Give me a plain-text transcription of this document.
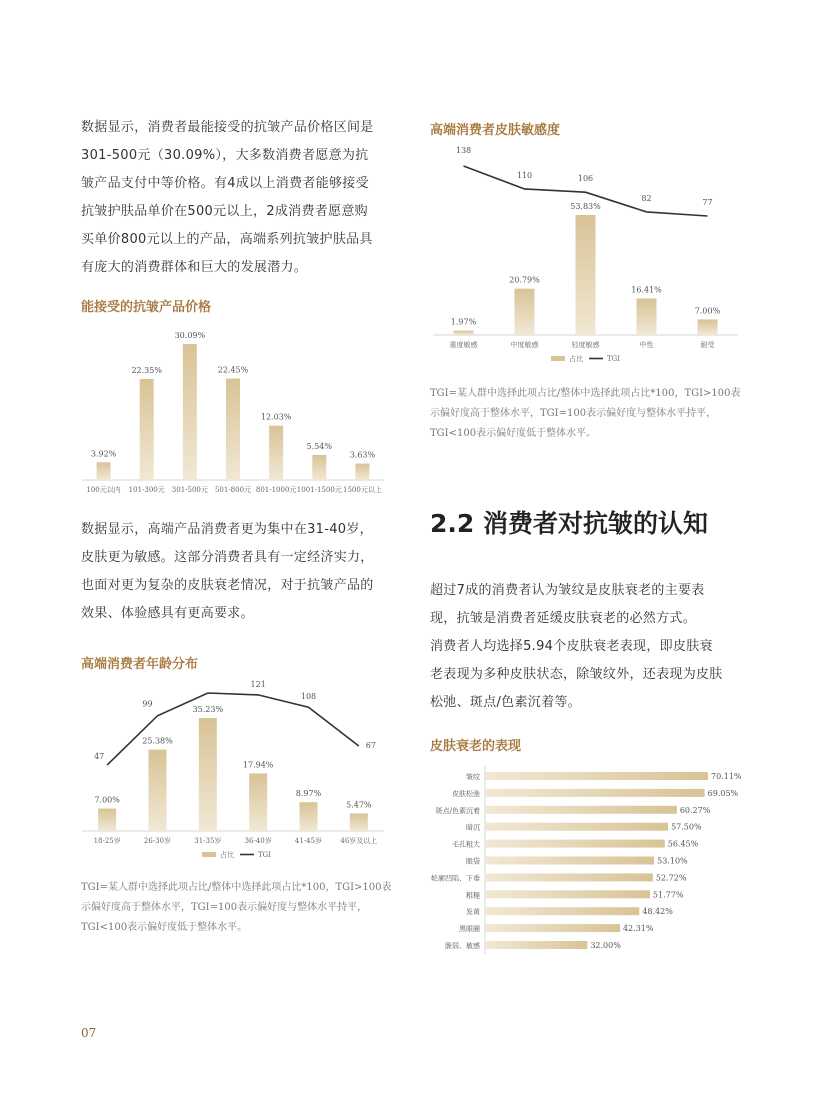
数据显示，消费者最能接受的抗皱产品价格区间是
301-500元（30.09%），大多数消费者愿意为抗
皱产品支付中等价格。有4成以上消费者能够接受
抗皱护肤品单价在500元以上，2成消费者愿意购
买单价800元以上的产品，高端系列抗皱护肤品具
有庞大的消费群体和巨大的发展潜力。
能接受的抗皱产品价格
3.92%
100元以内
22.35%
101-300元
30.09%
301-500元
22.45%
501-800元
12.03%
801-1000元
5.54%
1001-1500元
3.63%
1500元以上
数据显示，高端产品消费者更为集中在31-40岁，
皮肤更为敏感。这部分消费者具有一定经济实力，
也面对更为复杂的皮肤衰老情况，对于抗皱产品的
效果、体验感具有更高要求。
高端消费者年龄分布
7.00%
18-25岁
25.38%
26-30岁
35.23%
31-35岁
17.94%
36-40岁
8.97%
41-45岁
5.47%
46岁及以上
47
99
121
108
67
占比	TGI
TGI=某人群中选择此项占比/整体中选择此项占比*100，TGI>100表
示偏好度高于整体水平，TGI=100表示偏好度与整体水平持平，
TGI<100表示偏好度低于整体水平。
07
高端消费者皮肤敏感度
1.97%
重度敏感
20.79%
中度敏感
53.83%
轻度敏感
16.41%
中性
7.00%
耐受
138
110	106
82	77
占比	TGI
TGI=某人群中选择此项占比/整体中选择此项占比*100，TGI>100表
示偏好度高于整体水平，TGI=100表示偏好度与整体水平持平，
TGI<100表示偏好度低于整体水平。
2.2 消费者对抗皱的认知
超过7成的消费者认为皱纹是皮肤衰老的主要表
现，抗皱是消费者延缓皮肤衰老的必然方式。
消费者人均选择5.94个皮肤衰老表现，即皮肤衰
老表现为多种皮肤状态，除皱纹外，还表现为皮肤
松弛、斑点/色素沉着等。
皮肤衰老的表现
皱纹	70.11%
皮肤松弛	69.05%
斑点/色素沉着	60.27%
暗沉	57.50%
毛孔粗大	56.45%
眼袋	53.10%
轮廓凹陷、下垂	52.72%
粗糙	51.77%
发黄	48.42%
黑眼圈	42.31%
脆弱、敏感	32.00%
